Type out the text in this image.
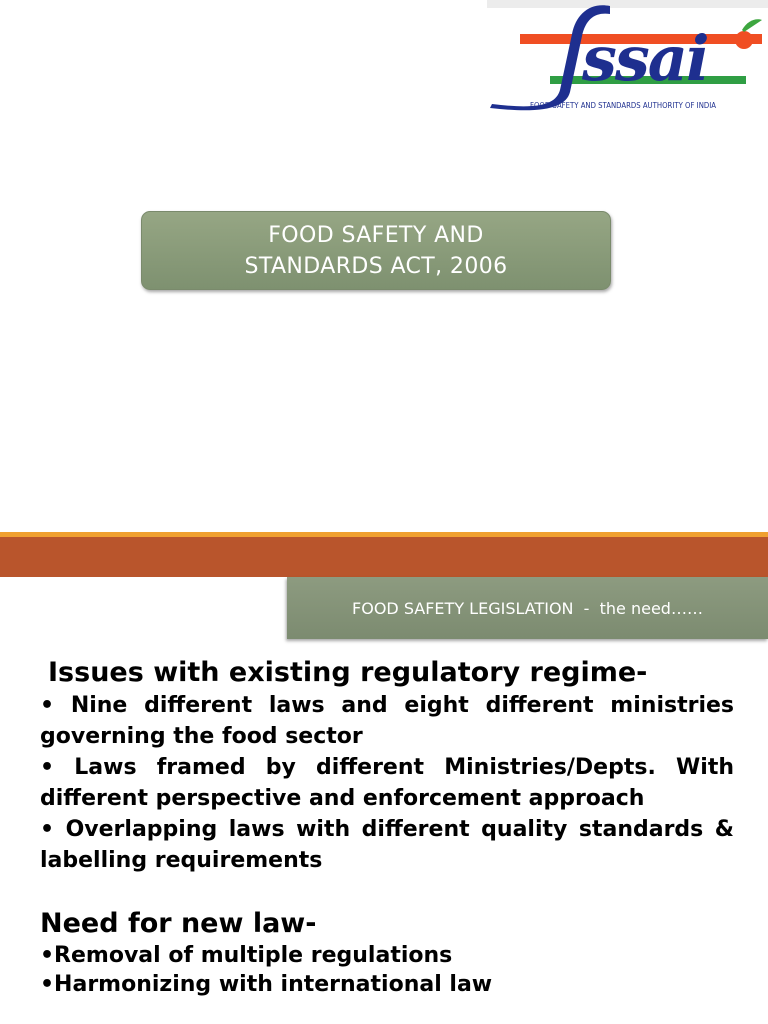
ssai
FOOD SAFETY AND STANDARDS AUTHORITY OF INDIA
FOOD SAFETY AND STANDARDS ACT, 2006
FOOD SAFETY LEGISLATION  -  the need……

Issues with existing regulatory regime-

• Nine different laws and eight different ministries governing the food sector

• Laws framed by different Ministries/Depts. With different perspective and enforcement approach

• Overlapping laws with different quality standards & labelling requirements

Need for new law-

•Removal of multiple regulations

•Harmonizing with international law
